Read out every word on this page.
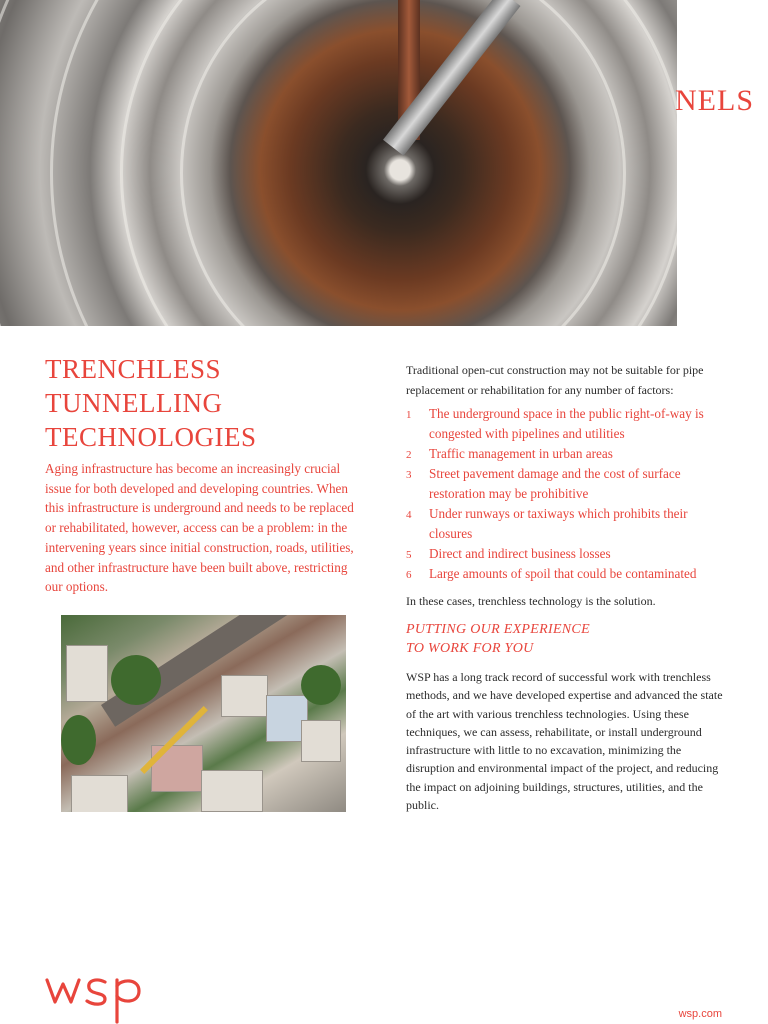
NELS
TRENCHLESS
TUNNELLING
TECHNOLOGIES
Aging infrastructure has become an increasingly crucial issue for both developed and developing countries. When this infrastructure is underground and needs to be replaced or rehabilitated, however, access can be a problem: in the intervening years since initial construction, roads, utilities, and other infrastructure have been built above, restricting our options.
Traditional open-cut construction may not be suitable for pipe replacement or rehabilitation for any number of factors:
1 The underground space in the public right-of-way is congested with pipelines and utilities
2 Traffic management in urban areas
3 Street pavement damage and the cost of surface restoration may be prohibitive
4 Under runways or taxiways which prohibits their closures
5 Direct and indirect business losses
6 Large amounts of spoil that could be contaminated
In these cases, trenchless technology is the solution.
PUTTING OUR EXPERIENCE
TO WORK FOR YOU
WSP has a long track record of successful work with trenchless methods, and we have developed expertise and advanced the state of the art with various trenchless technologies. Using these techniques, we can assess, rehabilitate, or install underground infrastructure with little to no excavation, minimizing the disruption and environmental impact of the project, and reducing the impact on adjoining buildings, structures, utilities, and the public.
wsp.com
